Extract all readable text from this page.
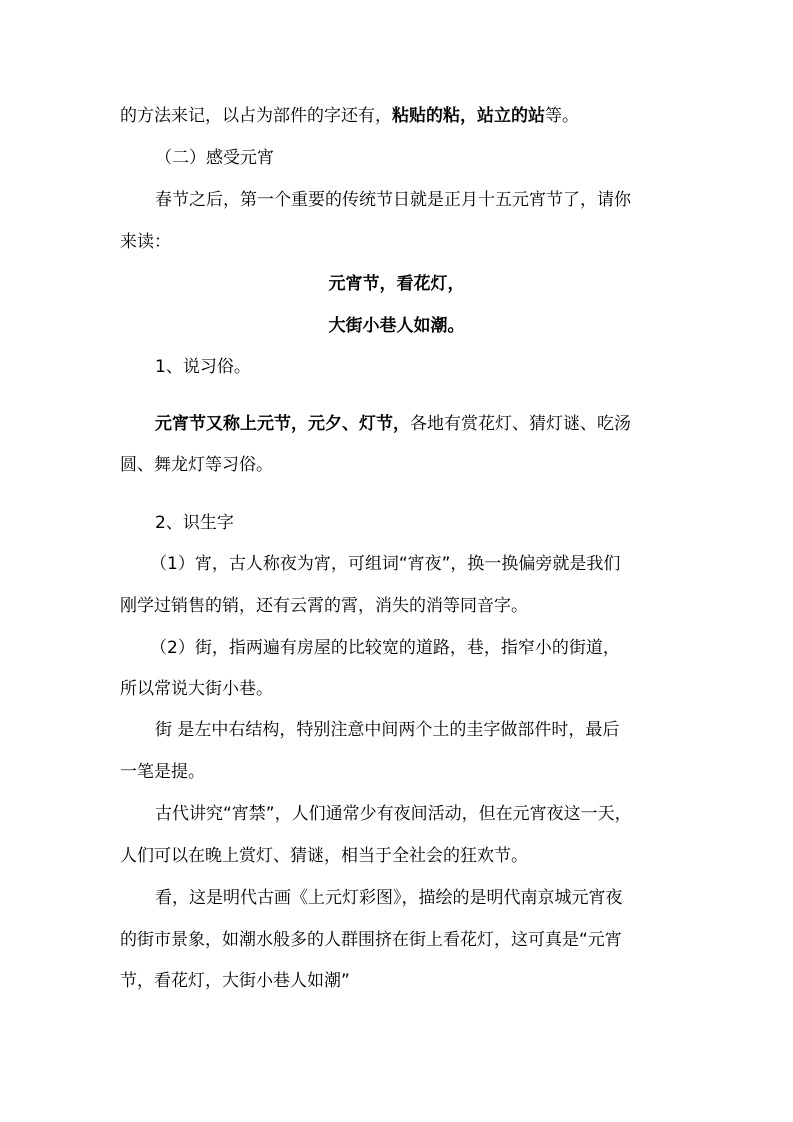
的方法来记，以占为部件的字还有，粘贴的粘，站立的站等。
（二）感受元宵
春节之后，第一个重要的传统节日就是正月十五元宵节了，请你
来读：
元宵节，看花灯，
大街小巷人如潮。
1、说习俗。
元宵节又称上元节，元夕、灯节，各地有赏花灯、猜灯谜、吃汤
圆、舞龙灯等习俗。
2、识生字
（1）宵，古人称夜为宵，可组词“宵夜”，换一换偏旁就是我们
刚学过销售的销，还有云霄的霄，消失的消等同音字。
（2）街，指两遍有房屋的比较宽的道路，巷，指窄小的街道，
所以常说大街小巷。
街 是左中右结构，特别注意中间两个土的圭字做部件时，最后
一笔是提。
古代讲究“宵禁”，人们通常少有夜间活动，但在元宵夜这一天，
人们可以在晚上赏灯、猜谜，相当于全社会的狂欢节。
看，这是明代古画《上元灯彩图》，描绘的是明代南京城元宵夜
的街市景象，如潮水般多的人群围挤在街上看花灯，这可真是“元宵
节，看花灯，大街小巷人如潮”
